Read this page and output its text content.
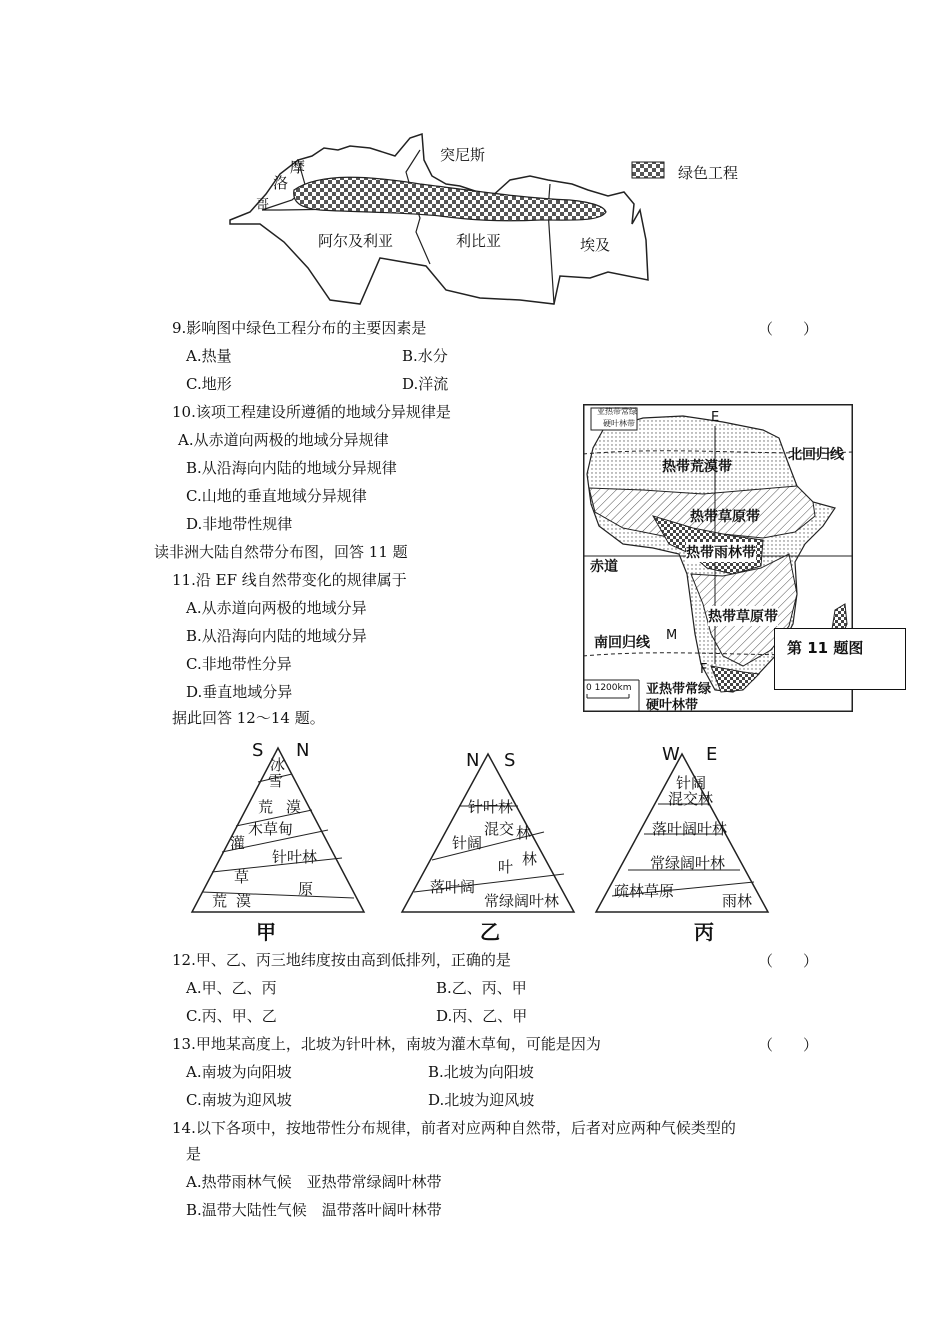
摩
洛
哥
突尼斯
阿尔及利亚	利比亚	埃及
绿色工程
9.影响图中绿色工程分布的主要因素是	（　　）
A.热量	B.水分
C.地形	D.洋流
10.该项工程建设所遵循的地域分异规律是
A.从赤道向两极的地域分异规律
B.从沿海向内陆的地域分异规律
C.山地的垂直地域分异规律
D.非地带性规律
读非洲大陆自然带分布图，回答 11 题
11.沿 EF 线自然带变化的规律属于
A.从赤道向两极的地域分异
B.从沿海向内陆的地域分异
C.非地带性分异
D.垂直地域分异
亚热带常绿
硬叶林带	E
热带荒漠带
北回归线
热带草原带
热带雨林带
赤道
热带草原带
南回归线 M
F
0 1200km 亚热带常绿
硬叶林带
第 11 题图
据此回答 12～14 题。
S N
冰
雪
荒 漠
灌
木草甸
针叶林
草
原
荒 漠
甲
N S
针叶林
针阔
混交 林
落叶阔
叶 林
常绿阔叶林
乙
W E
针阔
混交林
落叶阔叶林
常绿阔叶林
疏林草原
雨林
丙
12.甲、乙、丙三地纬度按由高到低排列，正确的是	（　　）
A.甲、乙、丙	B.乙、丙、甲
C.丙、甲、乙	D.丙、乙、甲
13.甲地某高度上，北坡为针叶林，南坡为灌木草甸，可能是因为	（　　）
A.南坡为向阳坡	B.北坡为向阳坡
C.南坡为迎风坡	D.北坡为迎风坡
14.以下各项中，按地带性分布规律，前者对应两种自然带，后者对应两种气候类型的
是
A.热带雨林气候　亚热带常绿阔叶林带
B.温带大陆性气候　温带落叶阔叶林带
